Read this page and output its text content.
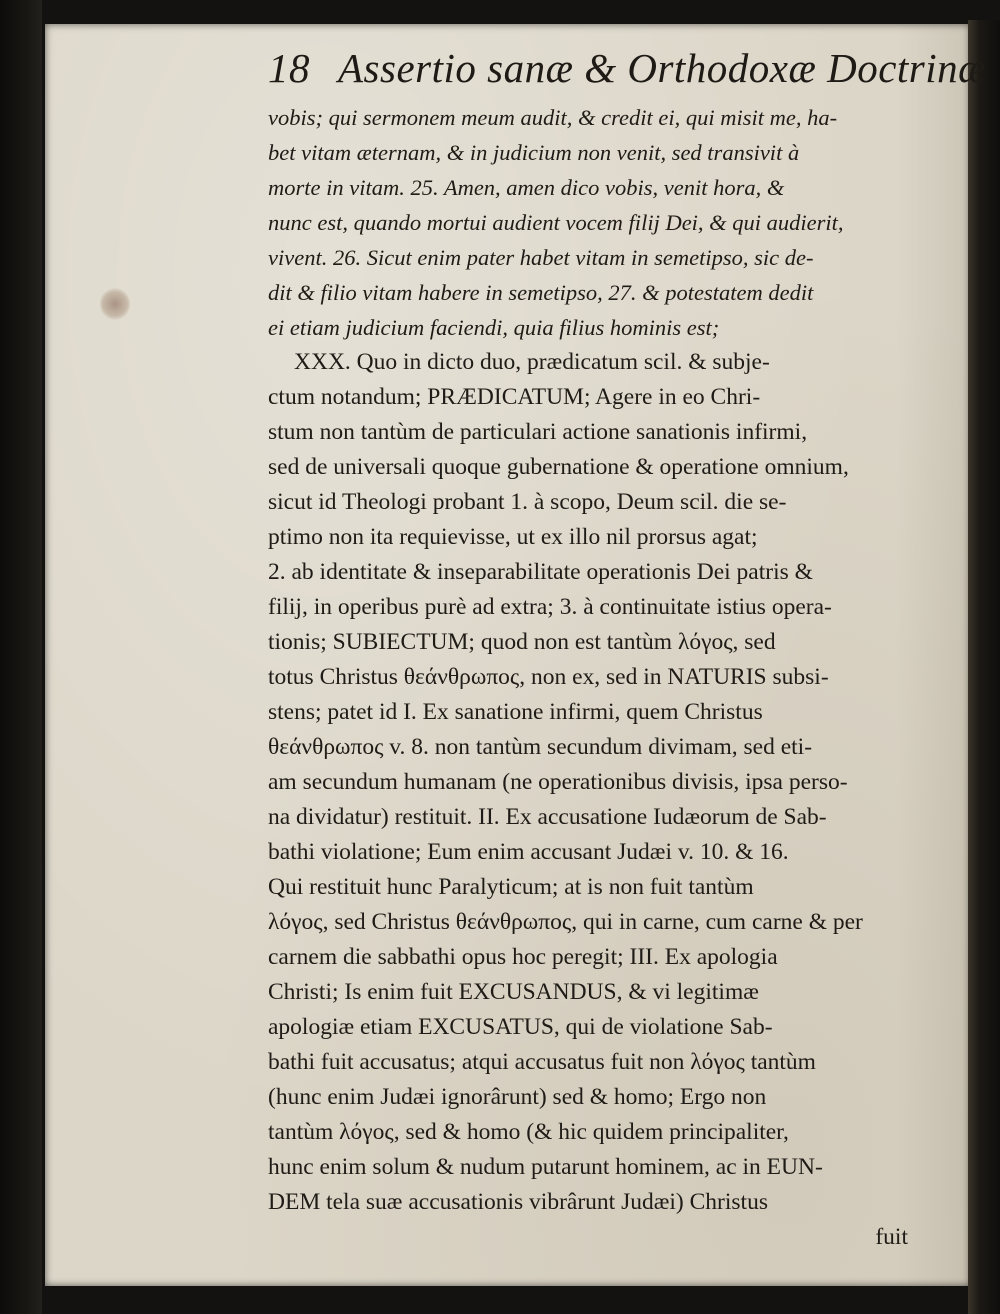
18 Assertio sanæ & Orthodoxæ Doctrinæ
vobis; qui sermonem meum audit, & credit ei, qui misit me, ha-
bet vitam æternam, & in judicium non venit, sed transivit à
morte in vitam. 25. Amen, amen dico vobis, venit hora, &
nunc est, quando mortui audient vocem filij Dei, & qui audierit,
vivent. 26. Sicut enim pater habet vitam in semetipso, sic de-
dit & filio vitam habere in semetipso, 27. & potestatem dedit
ei etiam judicium faciendi, quia filius hominis est;
XXX. Quo in dicto duo, prædicatum scil. & subje-
ctum notandum; PRÆDICATUM; Agere in eo Chri-
stum non tantùm de particulari actione sanationis infirmi,
sed de universali quoque gubernatione & operatione omnium,
sicut id Theologi probant 1. à scopo, Deum scil. die se-
ptimo non ita requievisse, ut ex illo nil prorsus agat;
2. ab identitate & inseparabilitate operationis Dei patris &
filij, in operibus purè ad extra; 3. à continuitate istius opera-
tionis; SUBIECTUM; quod non est tantùm λόγος, sed
totus Christus θεάνθρωπος, non ex, sed in NATURIS subsi-
stens; patet id I. Ex sanatione infirmi, quem Christus
θεάνθρωπος v. 8. non tantùm secundum divimam, sed eti-
am secundum humanam (ne operationibus divisis, ipsa perso-
na dividatur) restituit. II. Ex accusatione Iudæorum de Sab-
bathi violatione; Eum enim accusant Judæi v. 10. & 16.
Qui restituit hunc Paralyticum; at is non fuit tantùm
λόγος, sed Christus θεάνθρωπος, qui in carne, cum carne & per
carnem die sabbathi opus hoc peregit; III. Ex apologia
Christi; Is enim fuit EXCUSANDUS, & vi legitimæ
apologiæ etiam EXCUSATUS, qui de violatione Sab-
bathi fuit accusatus; atqui accusatus fuit non λόγος tantùm
(hunc enim Judæi ignorârunt) sed & homo; Ergo non
tantùm λόγος, sed & homo (& hic quidem principaliter,
hunc enim solum & nudum putarunt hominem, ac in EUN-
DEM tela suæ accusationis vibrârunt Judæi) Christus
fuit
